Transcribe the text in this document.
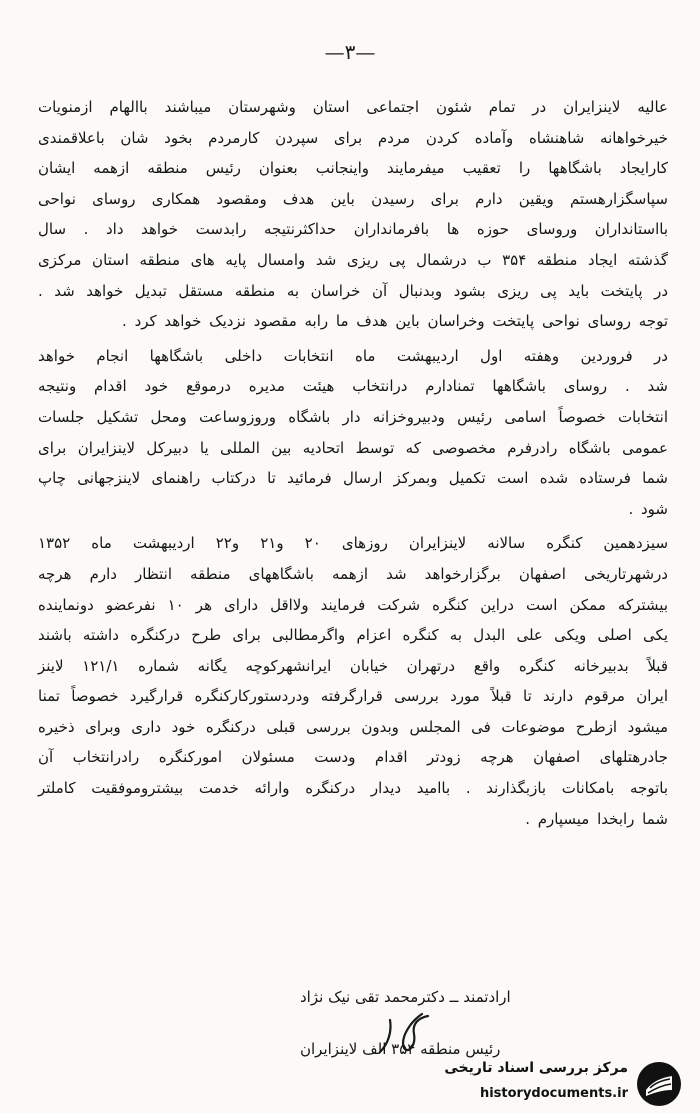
—٣—
عالیه لاینزایران در تمام شئون اجتماعی استان وشهرستان میباشند باالهام ازمنویات
خیرخواهانه شاهنشاه وآماده کردن مردم برای سپردن کارمردم بخود شان باعلاقمندی
کارایجاد باشگاهها را تعقیب میفرمایند واینجانب بعنوان رئیس منطقه ازهمه ایشان
سپاسگزارهستم ویقین دارم برای رسیدن باین هدف ومقصود همکاری روسای نواحی
بااستانداران وروسای حوزه ها بافرمانداران حداکثرنتیجه رابدست خواهد داد . سال
گذشته ایجاد منطقه ۳۵۴ ب درشمال پی ریزی شد وامسال پایه های منطقه استان مرکزی
در پایتخت باید پی ریزی بشود وبدنبال آن خراسان به منطقه مستقل تبدیل خواهد شد .
توجه روسای نواحی پایتخت وخراسان باین هدف ما رابه مقصود نزدیک خواهد کرد .
در فروردین وهفته اول اردیبهشت ماه انتخابات داخلی باشگاهها انجام خواهد
شد . روسای باشگاهها تمنادارم درانتخاب هیئت مدیره درموقع خود اقدام ونتیجه
انتخابات خصوصاً اسامی رئیس ودبیروخزانه دار باشگاه وروزوساعت ومحل تشکیل جلسات
عمومی باشگاه رادرفرم مخصوصی که توسط اتحادیه بین المللی یا دبیرکل لاینزایران برای
شما فرستاده شده است تکمیل وبمرکز ارسال فرمائید تا درکتاب راهنمای لاینزجهانی چاپ
شود .
سیزدهمین کنگره سالانه لاینزایران روزهای ۲۰ و۲۱ و۲۲ اردیبهشت ماه ۱۳۵۲
درشهرتاریخی اصفهان برگزارخواهد شد ازهمه باشگاههای منطقه انتظار دارم هرچه
بیشترکه ممکن است دراین کنگره شرکت فرمایند ولااقل دارای هر ۱۰ نفرعضو دونماینده
یکی اصلی ویکی علی البدل به کنگره اعزام واگرمطالبی برای طرح درکنگره داشته باشند
قبلاً بدبیرخانه کنگره واقع درتهران خیابان ایرانشهرکوچه یگانه شماره ۱۲۱/۱ لاینز
ایران مرقوم دارند تا قبلاً مورد بررسی قرارگرفته ودردستورکارکنگره قرارگیرد خصوصاً تمنا
میشود ازطرح موضوعات فی المجلس وبدون بررسی قبلی درکنگره خود داری وبرای ذخیره
جادرهتلهای اصفهان هرچه زودتر اقدام ودست مسئولان امورکنگره رادرانتخاب آن
باتوجه بامکانات بازبگذارند . باامید دیدار درکنگره وارائه خدمت بیشتروموفقیت کاملتر
شما رابخدا میسپارم .
ارادتمند ــ دکترمحمد تقی نیک نژاد
رئیس منطقه ۳۵۴ الف لاینزایران
مرکز بررسی اسناد تاریخی
historydocuments.ir
